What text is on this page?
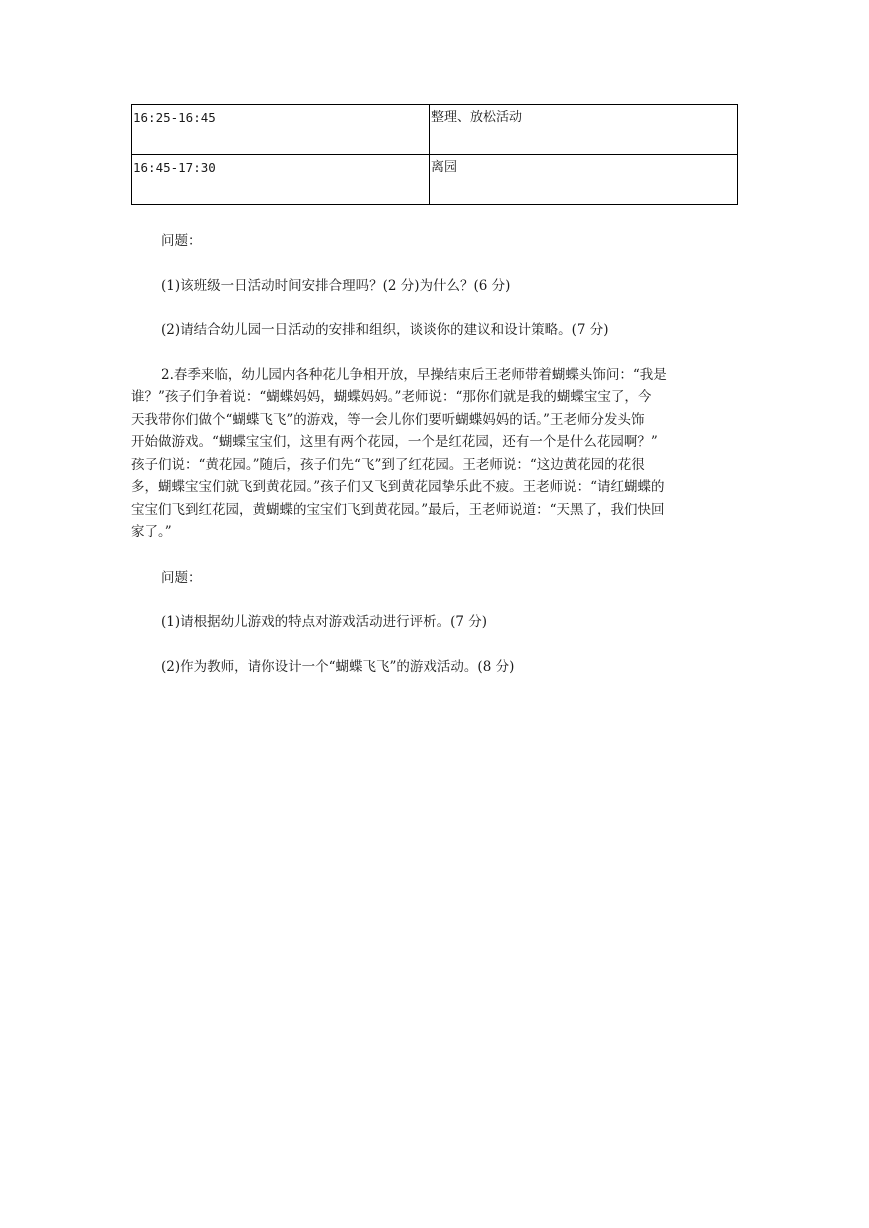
16:25-16:45	整理、放松活动
16:45-17:30	离园

问题：

(1)该班级一日活动时间安排合理吗？(2 分)为什么？(6 分)

(2)请结合幼儿园一日活动的安排和组织，谈谈你的建议和设计策略。(7 分)

2.春季来临，幼儿园内各种花儿争相开放，早操结束后王老师带着蝴蝶头饰问：“我是

谁？”孩子们争着说：“蝴蝶妈妈，蝴蝶妈妈。”老师说：“那你们就是我的蝴蝶宝宝了，今

天我带你们做个“蝴蝶飞飞”的游戏，等一会儿你们要听蝴蝶妈妈的话。”王老师分发头饰

开始做游戏。“蝴蝶宝宝们，这里有两个花园，一个是红花园，还有一个是什么花园啊？”

孩子们说：“黄花园。”随后，孩子们先“飞”到了红花园。王老师说：“这边黄花园的花很

多，蝴蝶宝宝们就飞到黄花园。”孩子们又飞到黄花园挚乐此不疲。王老师说：“请红蝴蝶的

宝宝们飞到红花园，黄蝴蝶的宝宝们飞到黄花园。”最后，王老师说道：“天黑了，我们快回

家了。”

问题：

(1)请根据幼儿游戏的特点对游戏活动进行评析。(7 分)

(2)作为教师，请你设计一个“蝴蝶飞飞”的游戏活动。(8 分)
